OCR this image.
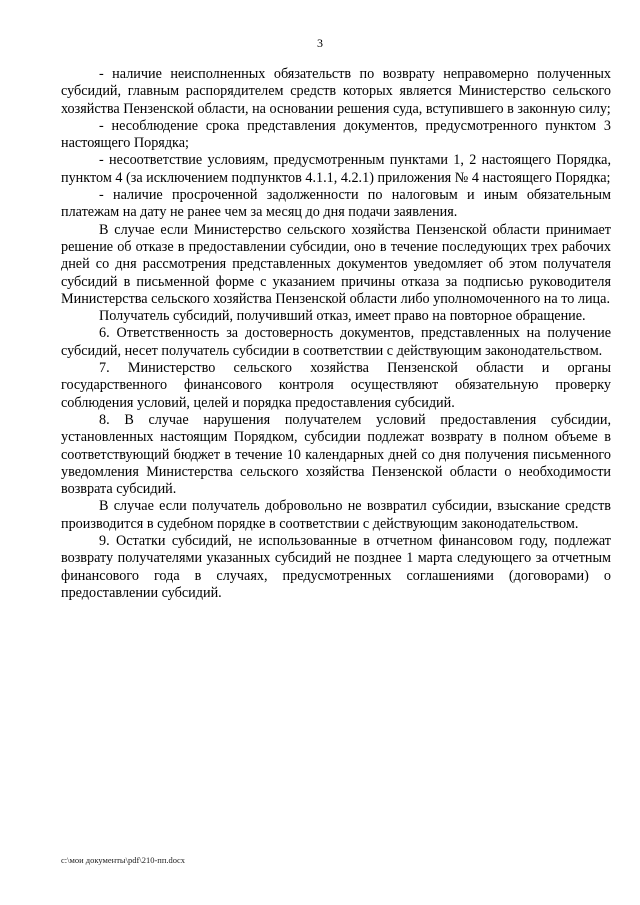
3

- наличие неисполненных обязательств по возврату неправомерно полученных субсидий, главным распорядителем средств которых является Министерство сельского хозяйства Пензенской области, на основании решения суда, вступившего в законную силу;

- несоблюдение срока представления документов, предусмотренного пунктом 3 настоящего Порядка;

- несоответствие условиям, предусмотренным пунктами 1, 2 настоящего Порядка, пунктом 4 (за исключением подпунктов 4.1.1, 4.2.1) приложения № 4 настоящего Порядка;

- наличие просроченной задолженности по налоговым и иным обязательным платежам на дату не ранее чем за месяц до дня подачи заявления.

В случае если Министерство сельского хозяйства Пензенской области принимает решение об отказе в предоставлении субсидии, оно в течение последующих трех рабочих дней со дня рассмотрения представленных документов уведомляет об этом получателя субсидий в письменной форме с указанием причины отказа за подписью руководителя Министерства сельского хозяйства Пензенской области либо уполномоченного на то лица.

Получатель субсидий, получивший отказ, имеет право на повторное обращение.

6. Ответственность за достоверность документов, представленных на получение субсидий, несет получатель субсидии в соответствии с действующим законодательством.

7. Министерство сельского хозяйства Пензенской области и органы государственного финансового контроля осуществляют обязательную проверку соблюдения условий, целей и порядка предоставления субсидий.

8. В случае нарушения получателем условий предоставления субсидии, установленных настоящим Порядком, субсидии подлежат возврату в полном объеме в соответствующий бюджет в течение 10 календарных дней со дня получения письменного уведомления Министерства сельского хозяйства Пензенской области о необходимости возврата субсидий.

В случае если получатель добровольно не возвратил субсидии, взыскание средств производится в судебном порядке в соответствии с действующим законодательством.

9. Остатки субсидий, не использованные в отчетном финансовом году, подлежат возврату получателями указанных субсидий не позднее 1 марта следующего за отчетным финансового года в случаях, предусмотренных соглашениями (договорами) о предоставлении субсидий.

c:\мои документы\pdf\210-пп.docx
